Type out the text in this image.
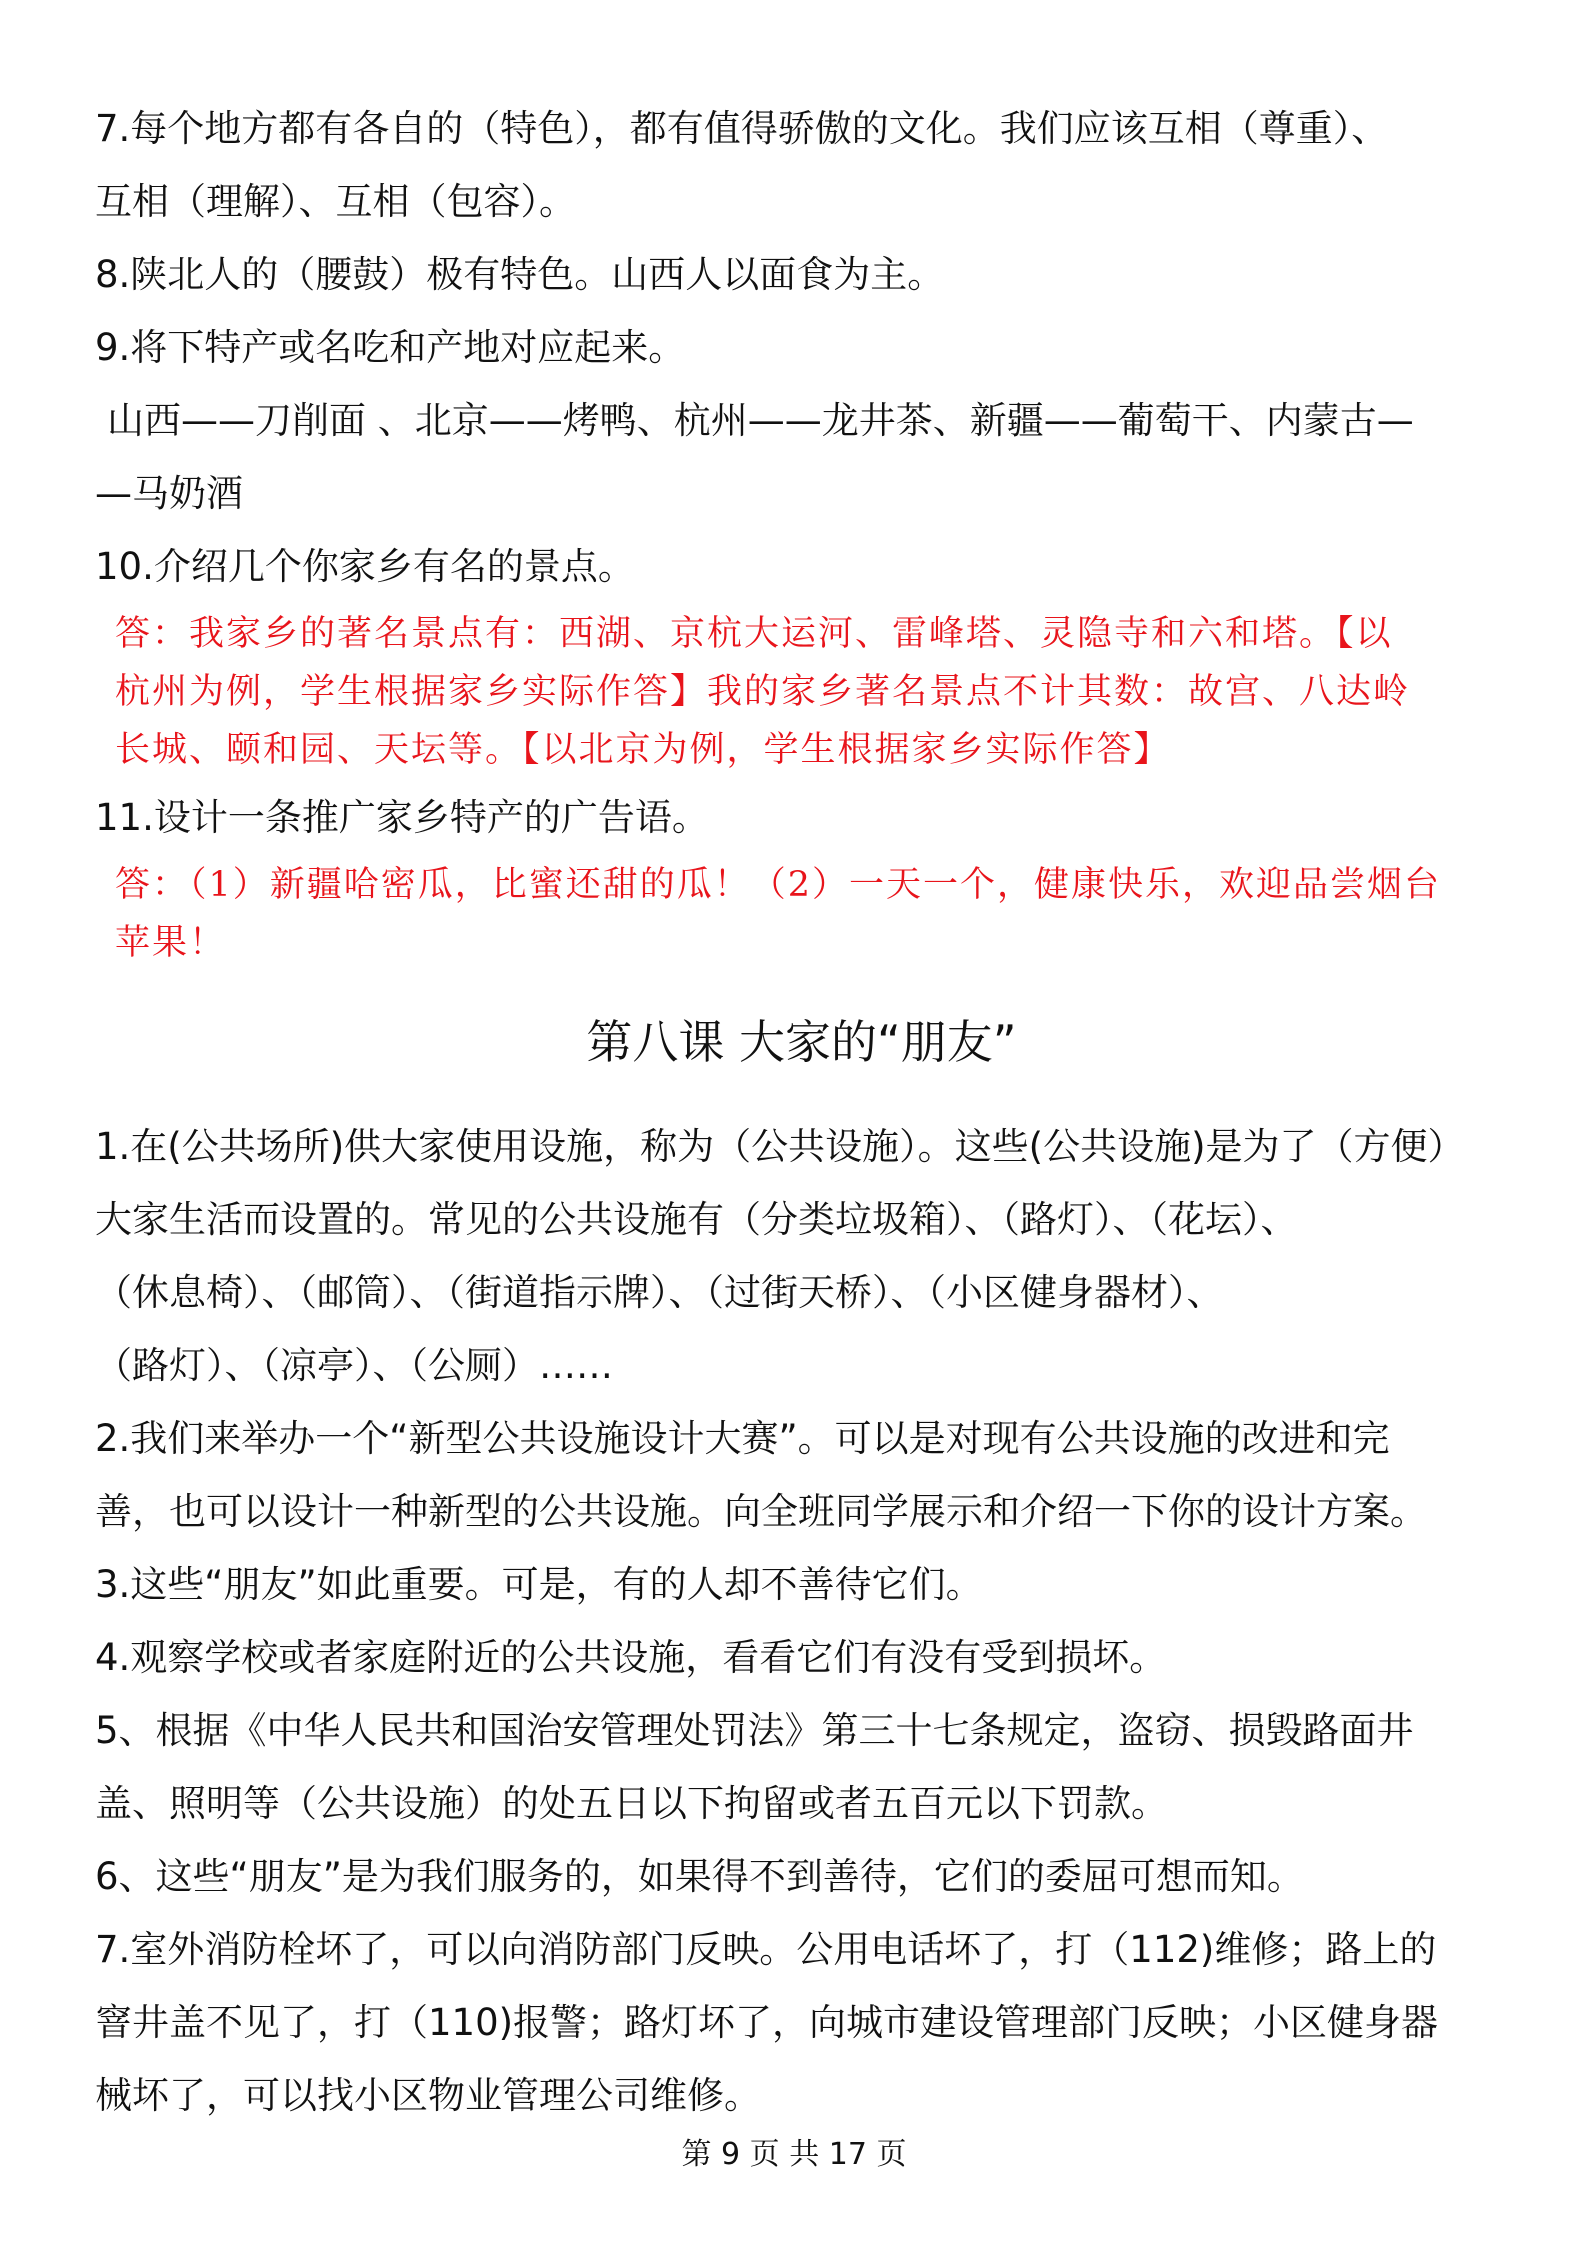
7.每个地方都有各自的（特色），都有值得骄傲的文化。我们应该互相（尊重）、

互相（理解）、互相（包容）。

8.陕北人的（腰鼓）极有特色。山西人以面食为主。

9.将下特产或名吃和产地对应起来。

山西——刀削面 、北京——烤鸭、杭州——龙井茶、新疆——葡萄干、内蒙古—

—马奶酒

10.介绍几个你家乡有名的景点。

答：我家乡的著名景点有：西湖、京杭大运河、雷峰塔、灵隐寺和六和塔。【以

杭州为例，学生根据家乡实际作答】我的家乡著名景点不计其数：故宫、八达岭

长城、颐和园、天坛等。【以北京为例，学生根据家乡实际作答】

11.设计一条推广家乡特产的广告语。

答：（1）新疆哈密瓜，比蜜还甜的瓜！（2）一天一个，健康快乐，欢迎品尝烟台

苹果！

第八课 大家的“朋友”

1.在(公共场所)供大家使用设施，称为（公共设施）。这些(公共设施)是为了（方便）

大家生活而设置的。常见的公共设施有（分类垃圾箱）、（路灯）、（花坛）、

（休息椅）、（邮筒）、（街道指示牌）、（过街天桥）、（小区健身器材）、

（路灯）、（凉亭）、（公厕）……

2.我们来举办一个“新型公共设施设计大赛”。可以是对现有公共设施的改进和完

善，也可以设计一种新型的公共设施。向全班同学展示和介绍一下你的设计方案。

3.这些“朋友”如此重要。可是，有的人却不善待它们。

4.观察学校或者家庭附近的公共设施，看看它们有没有受到损坏。

5、根据《中华人民共和国治安管理处罚法》第三十七条规定，盗窃、损毁路面井

盖、照明等（公共设施）的处五日以下拘留或者五百元以下罚款。

6、这些“朋友”是为我们服务的，如果得不到善待，它们的委屈可想而知。

7.室外消防栓坏了，可以向消防部门反映。公用电话坏了，打（112)维修；路上的

窨井盖不见了，打（110)报警；路灯坏了，向城市建设管理部门反映；小区健身器

械坏了，可以找小区物业管理公司维修。

第 9 页 共 17 页
